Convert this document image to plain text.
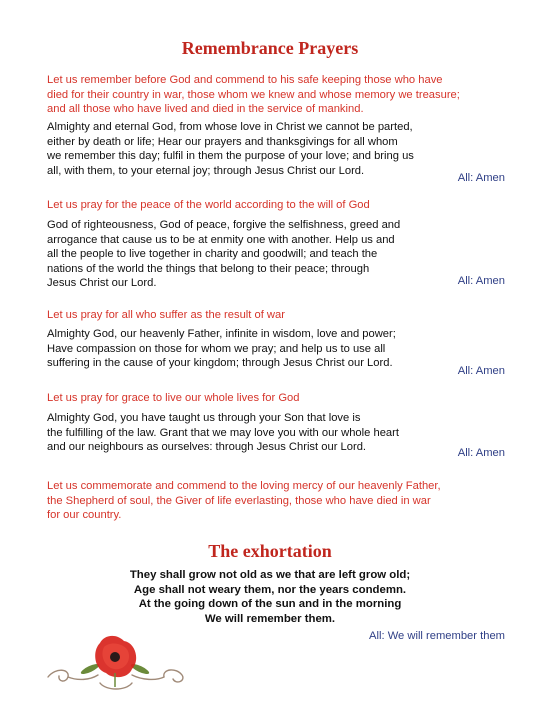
Remembrance Prayers
Let us remember before God and commend to his safe keeping those who have
died for their country in war, those whom we knew and whose memory we treasure;
and all those who have lived and died in the service of mankind.
Almighty and eternal God, from whose love in Christ we cannot be parted,
either by death or life; Hear our prayers and thanksgivings for all whom
we remember this day; fulfil in them the purpose of your love; and bring us
all, with them, to your eternal joy; through Jesus Christ our Lord.
All: Amen
Let us pray for the peace of the world according to the will of God
God of righteousness, God of peace, forgive the selfishness, greed and
arrogance that cause us to be at enmity one with another. Help us and
all the people to live together in charity and goodwill; and teach the
nations of the world the things that belong to their peace; through
Jesus Christ our Lord.	All: Amen
Let us pray for all who suffer as the result of war
Almighty God, our heavenly Father, infinite in wisdom, love and power;
Have compassion on those for whom we pray; and help us to use all
suffering in the cause of your kingdom; through Jesus Christ our Lord.
All: Amen
Let us pray for grace to live our whole lives for God
Almighty God, you have taught us through your Son that love is
the fulfilling of the law. Grant that we may love you with our whole heart
and our neighbours as ourselves: through Jesus Christ our Lord.	All: Amen
Let us commemorate and commend to the loving mercy of our heavenly Father,
the Shepherd of soul, the Giver of life everlasting, those who have died in war
for our country.
The exhortation
They shall grow not old as we that are left grow old;
Age shall not weary them, nor the years condemn.
At the going down of the sun and in the morning
We will remember them.
All: We will remember them
